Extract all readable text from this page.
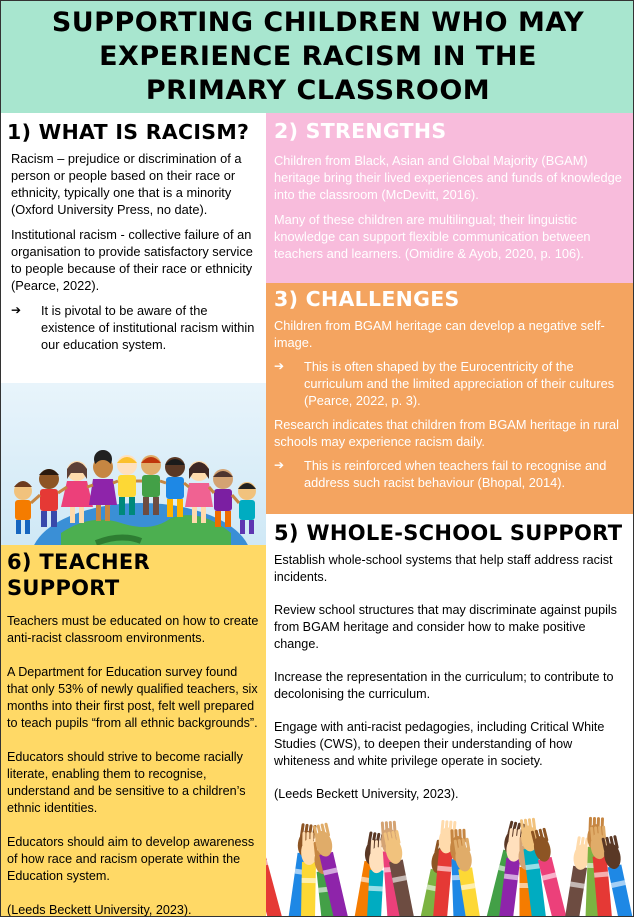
SUPPORTING CHILDREN WHO MAY EXPERIENCE RACISM IN THE PRIMARY CLASSROOM
1) WHAT IS RACISM?

Racism – prejudice or discrimination of a person or people based on their race or ethnicity, typically one that is a minority (Oxford University Press, no date).

Institutional racism - collective failure of an organisation to provide satisfactory service to people because of their race or ethnicity (Pearce, 2022).

➔	It is pivotal to be aware of the existence of institutional racism within our education system.
2) STRENGTHS

Children from Black, Asian and Global Majority (BGAM) heritage bring their lived experiences and funds of knowledge into the classroom (McDevitt, 2016).

Many of these children are multilingual; their linguistic knowledge can support flexible communication between teachers and learners. (Omidire & Ayob, 2020, p. 106).

3) CHALLENGES

Children from BGAM heritage can develop a negative self-image.

➔	This is often shaped by the Eurocentricity of the curriculum and the limited appreciation of their cultures (Pearce, 2022, p. 3).

Research indicates that children from BGAM heritage in rural schools may experience racism daily.

➔	This is reinforced when teachers fail to recognise and address such racist behaviour (Bhopal, 2014).
6) TEACHER SUPPORT

Teachers must be educated on how to create anti-racist classroom environments.

A Department for Education survey found that only 53% of newly qualified teachers, six months into their first post, felt well prepared to teach pupils “from all ethnic backgrounds”.

Educators should strive to become racially literate, enabling them to recognise, understand and be sensitive to a children’s ethnic identities.

Educators should aim to develop awareness of how race and racism operate within the Education system.

(Leeds Beckett University, 2023).

5) WHOLE-SCHOOL SUPPORT

Establish whole-school systems that help staff address racist incidents.

Review school structures that may discriminate against pupils from BGAM heritage and consider how to make positive change.

Increase the representation in the curriculum; to contribute to decolonising the curriculum.

Engage with anti-racist pedagogies, including Critical White Studies (CWS), to deepen their understanding of how whiteness and white privilege operate in society.

(Leeds Beckett University, 2023).
